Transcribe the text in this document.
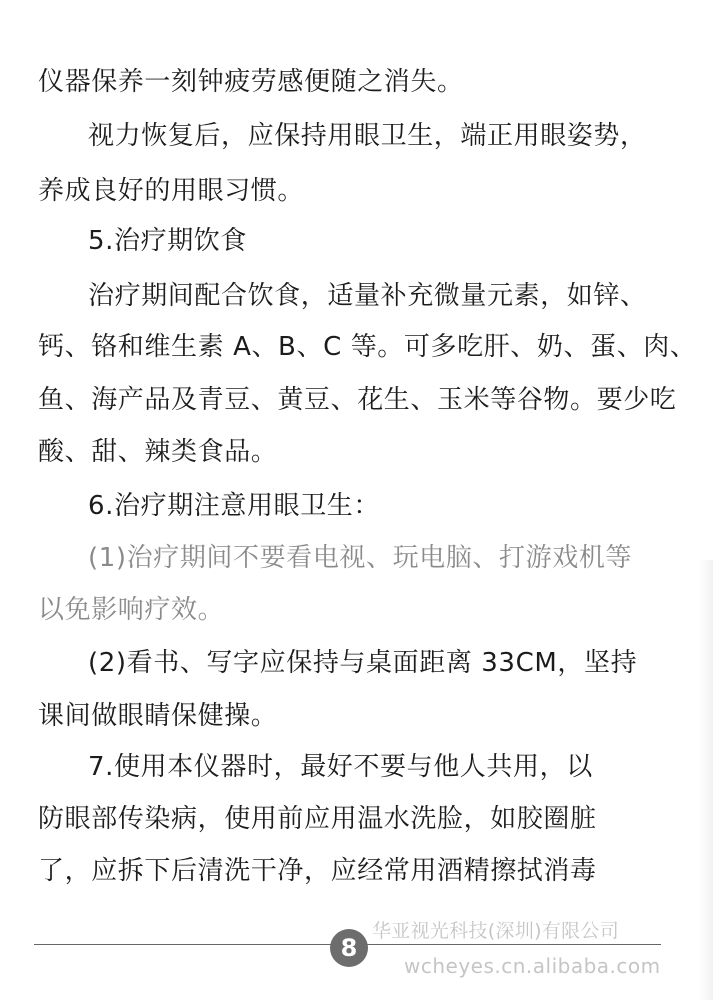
仪器保养一刻钟疲劳感便随之消失。
视力恢复后，应保持用眼卫生，端正用眼姿势，
养成良好的用眼习惯。
5.治疗期饮食
治疗期间配合饮食，适量补充微量元素，如锌、
钙、铬和维生素 A、B、C 等。可多吃肝、奶、蛋、肉、
鱼、海产品及青豆、黄豆、花生、玉米等谷物。要少吃
酸、甜、辣类食品。
6.治疗期注意用眼卫生：
(1)治疗期间不要看电视、玩电脑、打游戏机等
以免影响疗效。
(2)看书、写字应保持与桌面距离 33CM，坚持
课间做眼睛保健操。
7.使用本仪器时，最好不要与他人共用，以
防眼部传染病，使用前应用温水洗脸，如胶圈脏
了，应拆下后清洗干净，应经常用酒精擦拭消毒
华亚视光科技(深圳)有限公司
8
wcheyes.cn.alibaba.com
